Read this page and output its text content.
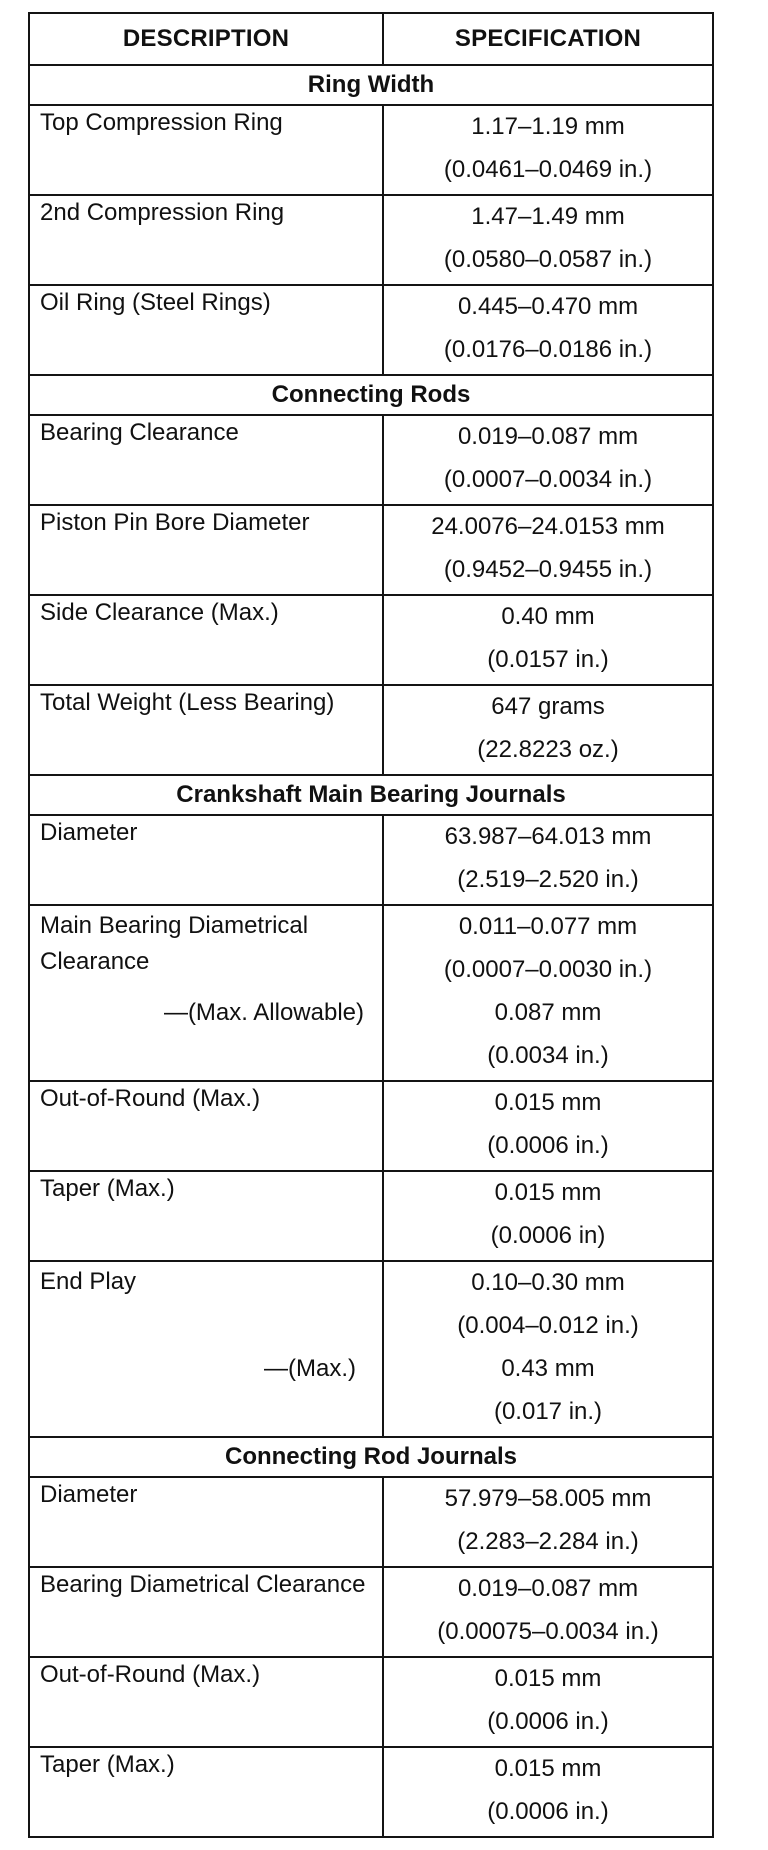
DESCRIPTION	SPECIFICATION
Ring Width	

Top Compression Ring	1.17–1.19 mm
(0.0461–0.0469 in.)

2nd Compression Ring	1.47–1.49 mm
(0.0580–0.0587 in.)

Oil Ring (Steel Rings)	0.445–0.470 mm
(0.0176–0.0186 in.)

Connecting Rods	

Bearing Clearance	0.019–0.087 mm
(0.0007–0.0034 in.)

Piston Pin Bore Diameter	24.0076–24.0153 mm
(0.9452–0.9455 in.)

Side Clearance (Max.)	0.40 mm
(0.0157 in.)

Total Weight (Less Bearing)	647 grams
(22.8223 oz.)

Crankshaft Main Bearing Journals	

Diameter	63.987–64.013 mm
(2.519–2.520 in.)

Main Bearing Diametrical Clearance
—(Max. Allowable)	0.011–0.077 mm
(0.0007–0.0030 in.)
0.087 mm
(0.0034 in.)

Out-of-Round (Max.)	0.015 mm
(0.0006 in.)

Taper (Max.)	0.015 mm
(0.0006 in)

End Play
—(Max.)	0.10–0.30 mm
(0.004–0.012 in.)
0.43 mm
(0.017 in.)

Connecting Rod Journals	

Diameter	57.979–58.005 mm
(2.283–2.284 in.)

Bearing Diametrical Clearance	0.019–0.087 mm
(0.00075–0.0034 in.)

Out-of-Round (Max.)	0.015 mm
(0.0006 in.)

Taper (Max.)	0.015 mm
(0.0006 in.)
